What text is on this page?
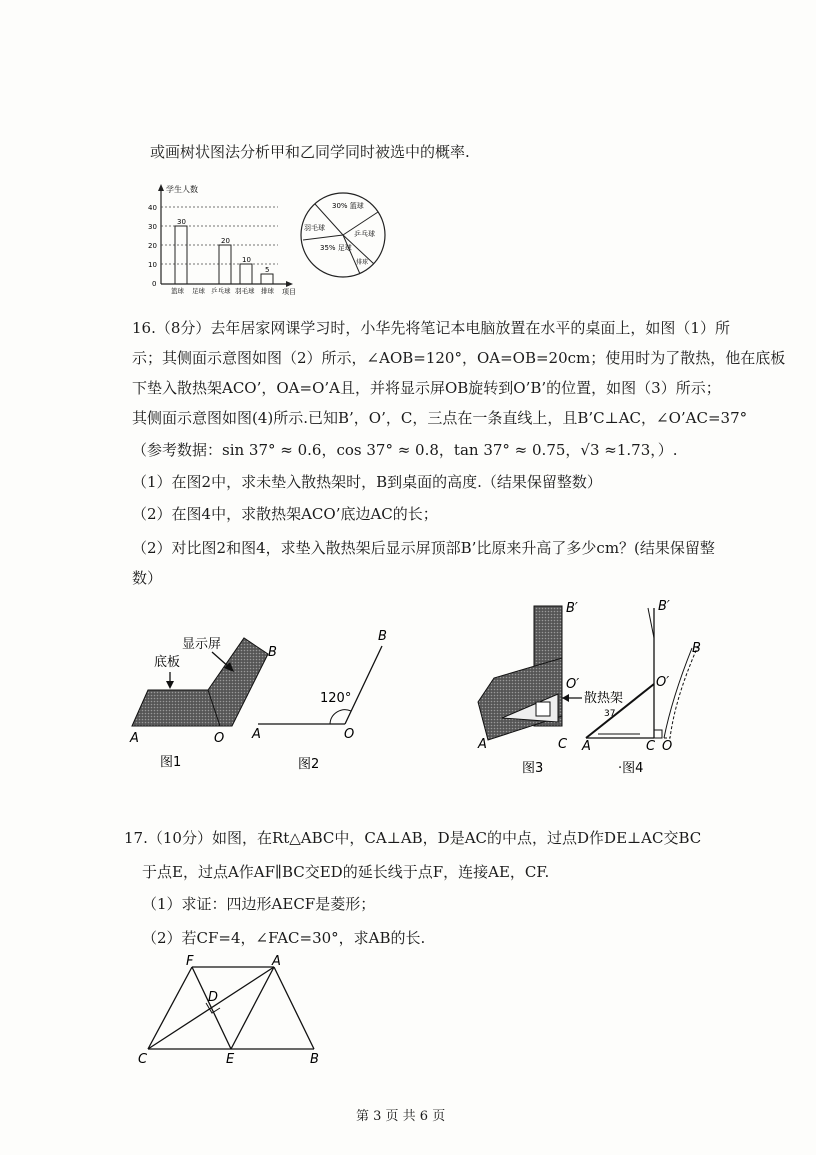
或画树状图法分析甲和乙同学同时被选中的概率.
学生人数
项目
40
30
20
10
0
30
20
10
5
篮球 足球 乒乓球 羽毛球 排球
30% 篮球
乒乓球
羽毛球
35% 足球
排球
16.（8分）去年居家网课学习时，小华先将笔记本电脑放置在水平的桌面上，如图（1）所
示；其侧面示意图如图（2）所示，∠AOB=120°，OA=OB=20cm；使用时为了散热，他在底板
下垫入散热架ACO’，OA=O’A且，并将显示屏OB旋转到O’B’的位置，如图（3）所示；
其侧面示意图如图(4)所示.已知B’，O’，C，三点在一条直线上，且B’C⊥AC，∠O’AC=37°
（参考数据：sin 37° ≈ 0.6，cos 37° ≈ 0.8，tan 37° ≈ 0.75，√3 ≈1.73，）.
（1）在图2中，求未垫入散热架时，B到桌面的高度.（结果保留整数）
（2）在图4中，求散热架ACO’底边AC的长；
（2）对比图2和图4，求垫入散热架后显示屏顶部B’比原来升高了多少cm？(结果保留整
数）
显示屏
底板
B
A	O
图1
120°
B
A	O
图2
散热架
B′
O′
A	C
图3
37
B′
O′
B
A	C O
·图4
17.（10分）如图，在Rt△ABC中，CA⊥AB，D是AC的中点，过点D作DE⊥AC交BC
于点E，过点A作AF∥BC交ED的延长线于点F，连接AE，CF.
（1）求证：四边形AECF是菱形；
（2）若CF=4，∠FAC=30°，求AB的长.
F	A
D
C	E	B
第 3 页 共 6 页
